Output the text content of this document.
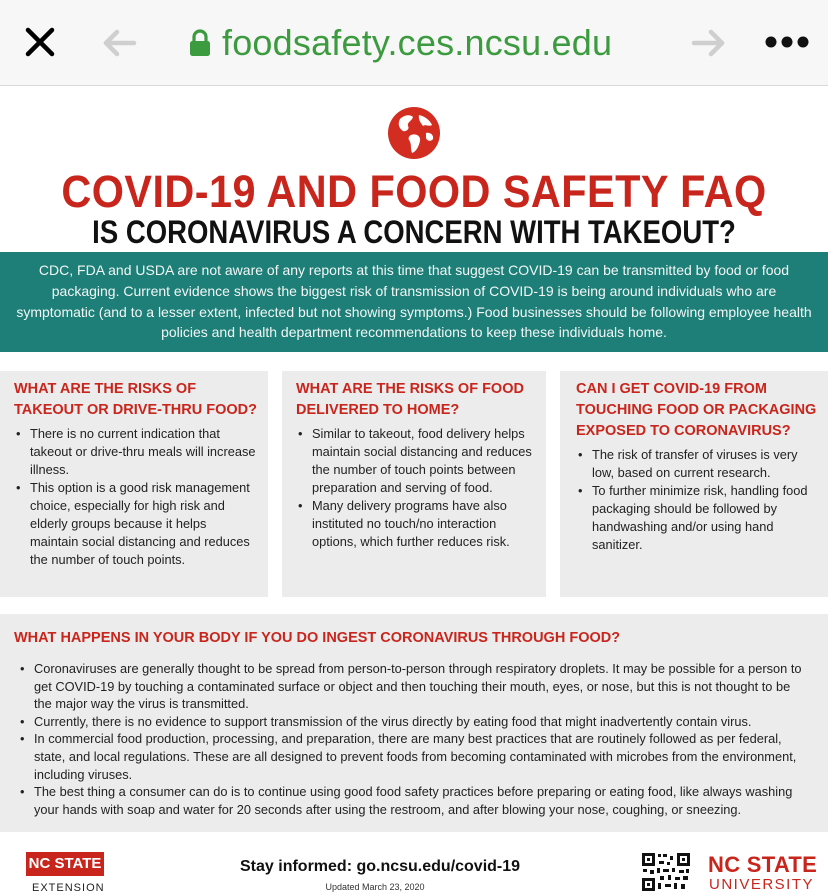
foodsafety.ces.ncsu.edu
COVID-19 AND FOOD SAFETY FAQ
IS CORONAVIRUS A CONCERN WITH TAKEOUT?

CDC, FDA and USDA are not aware of any reports at this time that suggest COVID-19 can be transmitted by food or food packaging. Current evidence shows the biggest risk of transmission of COVID-19 is being around individuals who are symptomatic (and to a lesser extent, infected but not showing symptoms.) Food businesses should be following employee health policies and health department recommendations to keep these individuals home.

WHAT ARE THE RISKS OF TAKEOUT OR DRIVE-THRU FOOD?
• There is no current indication that takeout or drive-thru meals will increase illness.
• This option is a good risk management choice, especially for high risk and elderly groups because it helps maintain social distancing and reduces the number of touch points.
WHAT ARE THE RISKS OF FOOD DELIVERED TO HOME?
• Similar to takeout, food delivery helps maintain social distancing and reduces the number of touch points between preparation and serving of food.
• Many delivery programs have also instituted no touch/no interaction options, which further reduces risk.
CAN I GET COVID-19 FROM TOUCHING FOOD OR PACKAGING EXPOSED TO CORONAVIRUS?
• The risk of transfer of viruses is very low, based on current research.
• To further minimize risk, handling food packaging should be followed by handwashing and/or using hand sanitizer.
WHAT HAPPENS IN YOUR BODY IF YOU DO INGEST CORONAVIRUS THROUGH FOOD?
• Coronaviruses are generally thought to be spread from person-to-person through respiratory droplets. It may be possible for a person to get COVID-19 by touching a contaminated surface or object and then touching their mouth, eyes, or nose, but this is not thought to be the major way the virus is transmitted.
• Currently, there is no evidence to support transmission of the virus directly by eating food that might inadvertently contain virus.
• In commercial food production, processing, and preparation, there are many best practices that are routinely followed as per federal, state, and local regulations. These are all designed to prevent foods from becoming contaminated with microbes from the environment, including viruses.
• The best thing a consumer can do is to continue using good food safety practices before preparing or eating food, like always washing your hands with soap and water for 20 seconds after using the restroom, and after blowing your nose, coughing, or sneezing.
NC STATE
EXTENSION
Stay informed: go.ncsu.edu/covid-19
Updated March 23, 2020
NC STATE
UNIVERSITY
